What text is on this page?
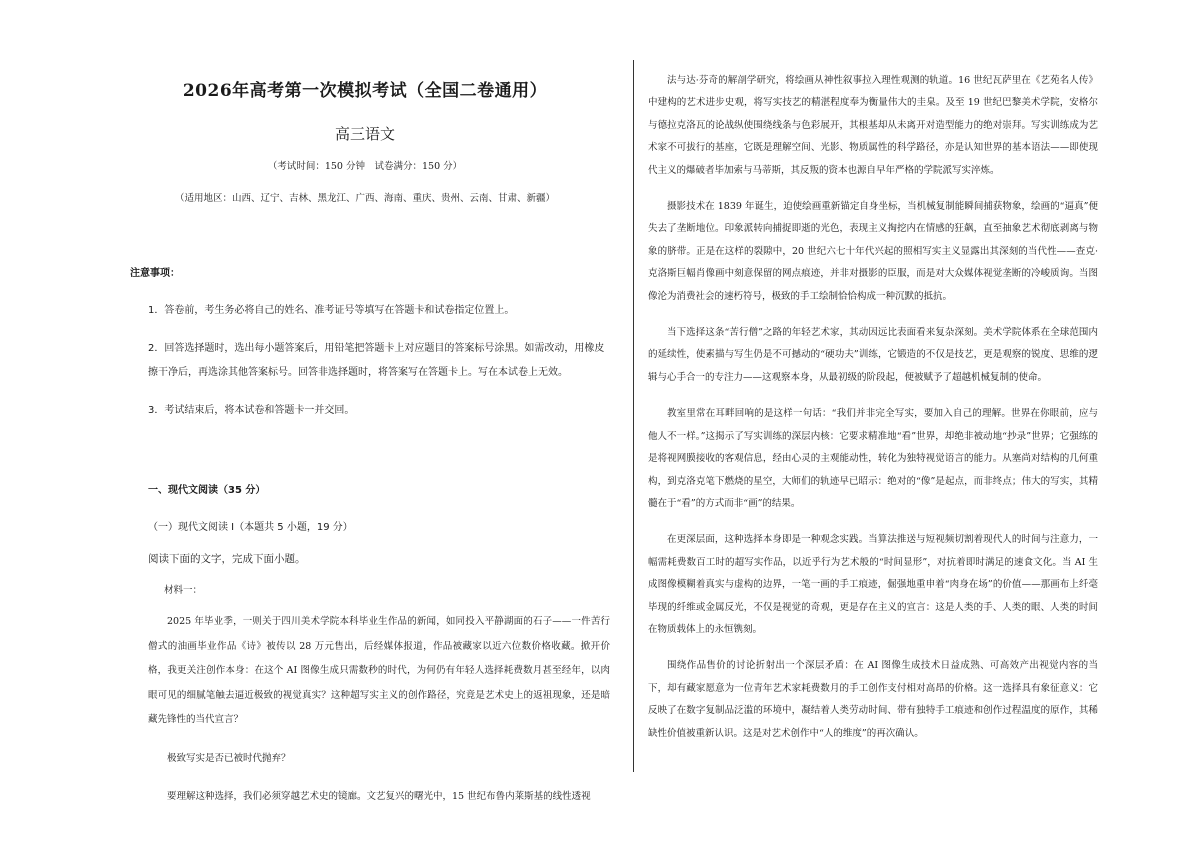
2026年高考第一次模拟考试（全国二卷通用）
高三语文
（考试时间：150 分钟　试卷满分：150 分）
（适用地区：山西、辽宁、吉林、黑龙江、广西、海南、重庆、贵州、云南、甘肃、新疆）
注意事项：
1．答卷前，考生务必将自己的姓名、准考证号等填写在答题卡和试卷指定位置上。
2．回答选择题时，选出每小题答案后，用铅笔把答题卡上对应题目的答案标号涂黑。如需改动，用橡皮擦干净后，再选涂其他答案标号。回答非选择题时，将答案写在答题卡上。写在本试卷上无效。
3．考试结束后，将本试卷和答题卡一并交回。
一、现代文阅读（35 分）
（一）现代文阅读 I（本题共 5 小题，19 分）
阅读下面的文字，完成下面小题。
材料一：

2025 年毕业季，一则关于四川美术学院本科毕业生作品的新闻，如同投入平静湖面的石子——一件苦行僧式的油画毕业作品《诗》被传以 28 万元售出，后经媒体报道，作品被藏家以近六位数价格收藏。掀开价格，我更关注创作本身：在这个 AI 图像生成只需数秒的时代，为何仍有年轻人选择耗费数月甚至经年，以肉眼可见的细腻笔触去逼近极致的视觉真实？这种超写实主义的创作路径，究竟是艺术史上的返祖现象，还是暗藏先锋性的当代宣言？

极致写实是否已被时代抛弃？

要理解这种选择，我们必须穿越艺术史的镜廊。文艺复兴的曙光中，15 世纪布鲁内莱斯基的线性透视

法与达·芬奇的解剖学研究，将绘画从神性叙事拉入理性观测的轨道。16 世纪瓦萨里在《艺苑名人传》中建构的艺术进步史观，将写实技艺的精湛程度奉为衡量伟大的圭臬。及至 19 世纪巴黎美术学院，安格尔与德拉克洛瓦的论战纵使围绕线条与色彩展开，其根基却从未离开对造型能力的绝对崇拜。写实训练成为艺术家不可拔行的基座，它既是理解空间、光影、物质属性的科学路径，亦是认知世界的基本语法——即使现代主义的爆破者毕加索与马蒂斯，其反叛的资本也源自早年严格的学院派写实淬炼。

摄影技术在 1839 年诞生，迫使绘画重新锚定自身坐标，当机械复制能瞬间捕获物象，绘画的“逼真”便失去了垄断地位。印象派转向捕捉即逝的光色，表现主义掏挖内在情感的狂飙，直至抽象艺术彻底剥离与物象的脐带。正是在这样的裂隙中，20 世纪六七十年代兴起的照相写实主义显露出其深刻的当代性——查克·克洛斯巨幅肖像画中刻意保留的网点痕迹，并非对摄影的臣服，而是对大众媒体视觉垄断的冷峻质询。当图像沦为消费社会的速朽符号，极致的手工绘制恰恰构成一种沉默的抵抗。

当下选择这条“苦行僧”之路的年轻艺术家，其动因远比表面看来复杂深刻。美术学院体系在全球范围内的延续性，使素描与写生仍是不可撼动的“硬功夫”训练，它锻造的不仅是技艺，更是观察的锐度、思维的逻辑与心手合一的专注力——这观察本身，从最初级的阶段起，便被赋予了超越机械复制的使命。

教室里常在耳畔回响的是这样一句话：“我们并非完全写实，要加入自己的理解。世界在你眼前，应与他人不一样。”这揭示了写实训练的深层内核：它要求精准地“看”世界，却绝非被动地“抄录”世界；它强练的是将视网膜接收的客观信息，经由心灵的主观能动性，转化为独特视觉语言的能力。从塞尚对结构的几何重构，到克洛克笔下燃烧的星空，大师们的轨迹早已昭示：绝对的“像”是起点，而非终点；伟大的写实，其精髓在于“看”的方式而非“画”的结果。

在更深层面，这种选择本身即是一种观念实践。当算法推送与短视频切割着现代人的时间与注意力，一幅需耗费数百工时的超写实作品，以近乎行为艺术般的“时间显形”，对抗着即时满足的速食文化。当 AI 生成图像模糊着真实与虚构的边界，一笔一画的手工痕迹，倔强地重申着“肉身在场”的价值——那画布上纤毫毕现的纤维或金属反光，不仅是视觉的奇观，更是存在主义的宣言：这是人类的手、人类的眼、人类的时间在物质载体上的永恒镌刻。

围绕作品售价的讨论折射出一个深层矛盾：在 AI 图像生成技术日益成熟、可高效产出视觉内容的当下，却有藏家愿意为一位青年艺术家耗费数月的手工创作支付相对高昂的价格。这一选择具有象征意义：它反映了在数字复制品泛滥的环境中，凝结着人类劳动时间、带有独特手工痕迹和创作过程温度的原作，其稀缺性价值被重新认识。这是对艺术创作中“人的维度”的再次确认。
